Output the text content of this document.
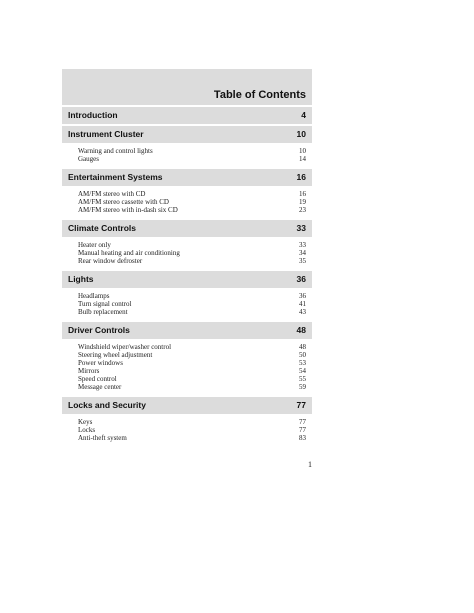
Table of Contents
Introduction	4
Instrument Cluster	10
Warning and control lights	10
Gauges	14
Entertainment Systems	16
AM/FM stereo with CD	16
AM/FM stereo cassette with CD	19
AM/FM stereo with in-dash six CD	23
Climate Controls	33
Heater only	33
Manual heating and air conditioning	34
Rear window defroster	35
Lights	36
Headlamps	36
Turn signal control	41
Bulb replacement	43
Driver Controls	48
Windshield wiper/washer control	48
Steering wheel adjustment	50
Power windows	53
Mirrors	54
Speed control	55
Message center	59
Locks and Security	77
Keys	77
Locks	77
Anti-theft system	83
1
